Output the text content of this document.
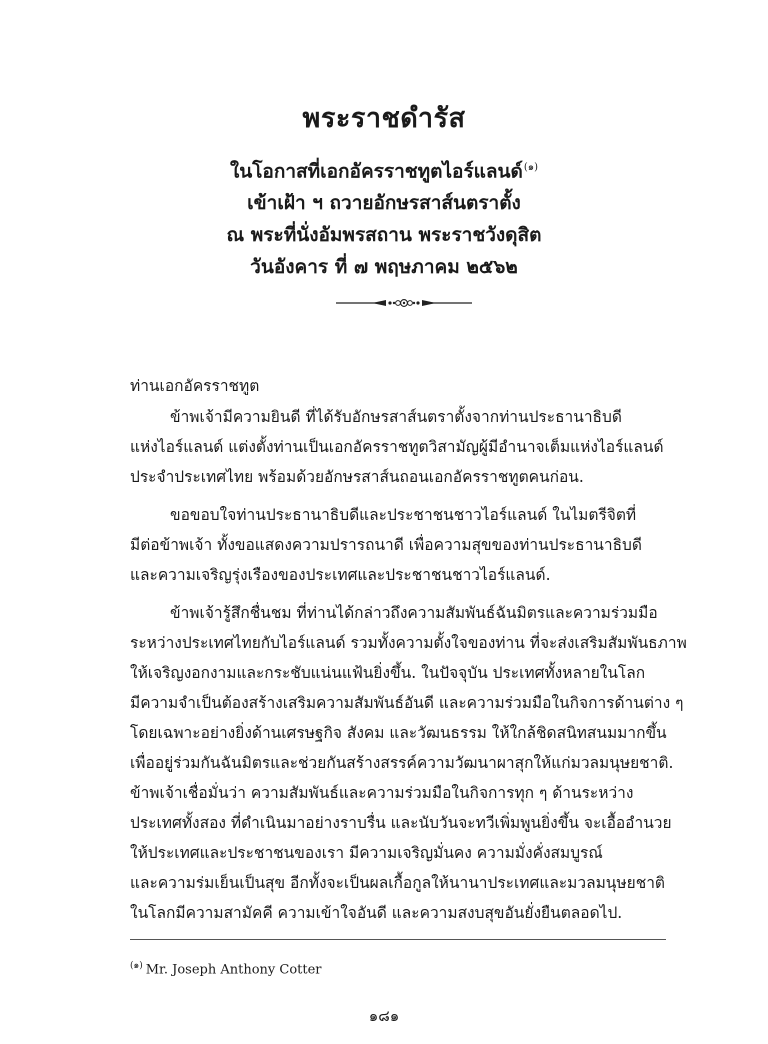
พระราชดำรัส
ในโอกาสที่เอกอัครราชทูตไอร์แลนด์$^{(๑)}$
เข้าเฝ้า ฯ ถวายอักษรสาส์นตราตั้ง
ณ พระที่นั่งอัมพรสถาน พระราชวังดุสิต
วันอังคาร ที่ ๗ พฤษภาคม ๒๕๖๒
ท่านเอกอัครราชทูต
ข้าพเจ้ามีความยินดี ที่ได้รับอักษรสาส์นตราตั้งจากท่านประธานาธิบดี
แห่งไอร์แลนด์ แต่งตั้งท่านเป็นเอกอัครราชทูตวิสามัญผู้มีอำนาจเต็มแห่งไอร์แลนด์
ประจำประเทศไทย พร้อมด้วยอักษรสาส์นถอนเอกอัครราชทูตคนก่อน.
ขอขอบใจท่านประธานาธิบดีและประชาชนชาวไอร์แลนด์ ในไมตรีจิตที่
มีต่อข้าพเจ้า ทั้งขอแสดงความปรารถนาดี เพื่อความสุขของท่านประธานาธิบดี
และความเจริญรุ่งเรืองของประเทศและประชาชนชาวไอร์แลนด์.
ข้าพเจ้ารู้สึกชื่นชม ที่ท่านได้กล่าวถึงความสัมพันธ์ฉันมิตรและความร่วมมือ
ระหว่างประเทศไทยกับไอร์แลนด์ รวมทั้งความตั้งใจของท่าน ที่จะส่งเสริมสัมพันธภาพ
ให้เจริญงอกงามและกระชับแน่นแฟ้นยิ่งขึ้น. ในปัจจุบัน ประเทศทั้งหลายในโลก
มีความจำเป็นต้องสร้างเสริมความสัมพันธ์อันดี และความร่วมมือในกิจการด้านต่าง ๆ
โดยเฉพาะอย่างยิ่งด้านเศรษฐกิจ สังคม และวัฒนธรรม ให้ใกล้ชิดสนิทสนมมากขึ้น
เพื่ออยู่ร่วมกันฉันมิตรและช่วยกันสร้างสรรค์ความวัฒนาผาสุกให้แก่มวลมนุษยชาติ.
ข้าพเจ้าเชื่อมั่นว่า ความสัมพันธ์และความร่วมมือในกิจการทุก ๆ ด้านระหว่าง
ประเทศทั้งสอง ที่ดำเนินมาอย่างราบรื่น และนับวันจะทวีเพิ่มพูนยิ่งขึ้น จะเอื้ออำนวย
ให้ประเทศและประชาชนของเรา มีความเจริญมั่นคง ความมั่งคั่งสมบูรณ์
และความร่มเย็นเป็นสุข อีกทั้งจะเป็นผลเกื้อกูลให้นานาประเทศและมวลมนุษยชาติ
ในโลกมีความสามัคคี ความเข้าใจอันดี และความสงบสุขอันยั่งยืนตลอดไป.
$^{(๑)}$ Mr. Joseph Anthony Cotter
๑๘๑
